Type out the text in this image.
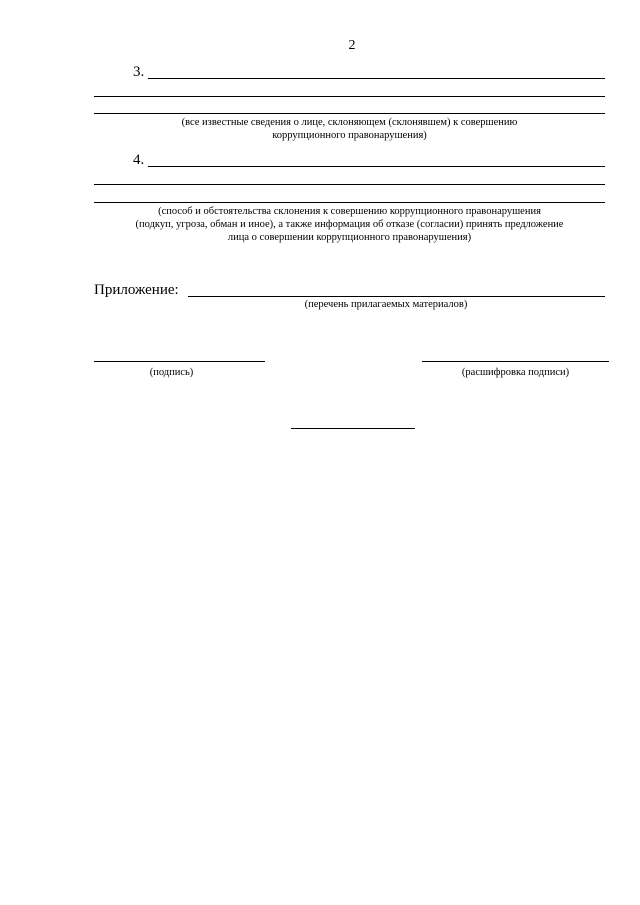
2
3.
(все известные сведения о лице, склоняющем (склонявшем) к совершению
коррупционного правонарушения)
4.
(способ и обстоятельства склонения к совершению коррупционного правонарушения
(подкуп, угроза, обман и иное), а также информация об отказе (согласии) принять предложение
лица о совершении коррупционного правонарушения)
Приложение:
(перечень прилагаемых материалов)
(подпись)	(расшифровка подписи)
